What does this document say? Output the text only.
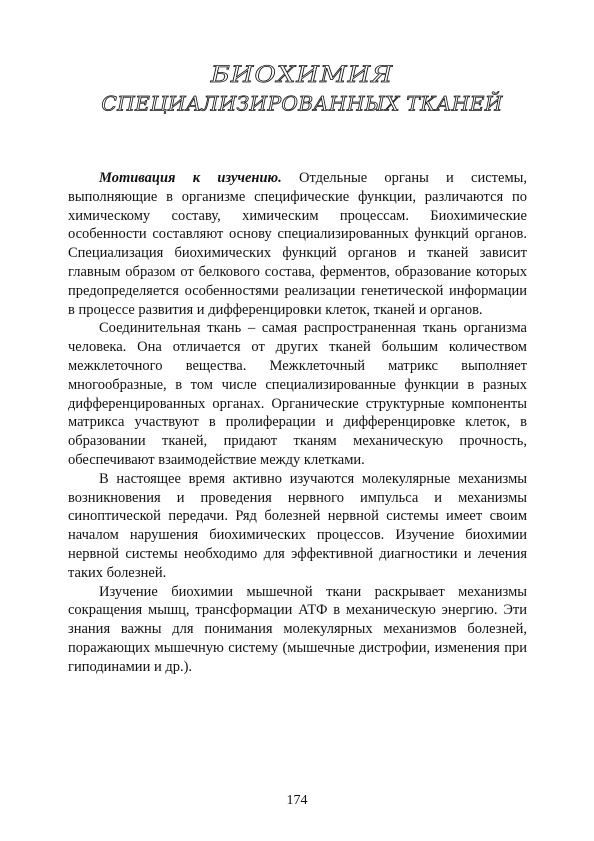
БИОХИМИЯ
СПЕЦИАЛИЗИРОВАННЫХ ТКАНЕЙ

Мотивация к изучению. Отдельные органы и системы, выполняющие в организме специфические функции, различаются по химическому составу, химическим процессам. Биохимические особенности составляют основу специализированных функций органов. Специализация биохимических функций органов и тканей зависит главным образом от белкового состава, ферментов, образование которых предопределяется особенностями реализации генетической информации в процессе развития и дифференцировки клеток, тканей и органов.

Соединительная ткань – самая распространенная ткань организма человека. Она отличается от других тканей большим количеством межклеточного вещества. Межклеточный матрикс выполняет многообразные, в том числе специализированные функции в разных дифференцированных органах. Органические структурные компоненты матрикса участвуют в пролиферации и дифференцировке клеток, в образовании тканей, придают тканям механическую прочность, обеспечивают взаимодействие между клетками.

В настоящее время активно изучаются молекулярные механизмы возникновения и проведения нервного импульса и механизмы синоптической передачи. Ряд болезней нервной системы имеет своим началом нарушения биохимических процессов. Изучение биохимии нервной системы необходимо для эффективной диагностики и лечения таких болезней.

Изучение биохимии мышечной ткани раскрывает механизмы сокращения мышц, трансформации АТФ в механическую энергию. Эти знания важны для понимания молекулярных механизмов болезней, поражающих мышечную систему (мышечные дистрофии, изменения при гиподинамии и др.).

174
